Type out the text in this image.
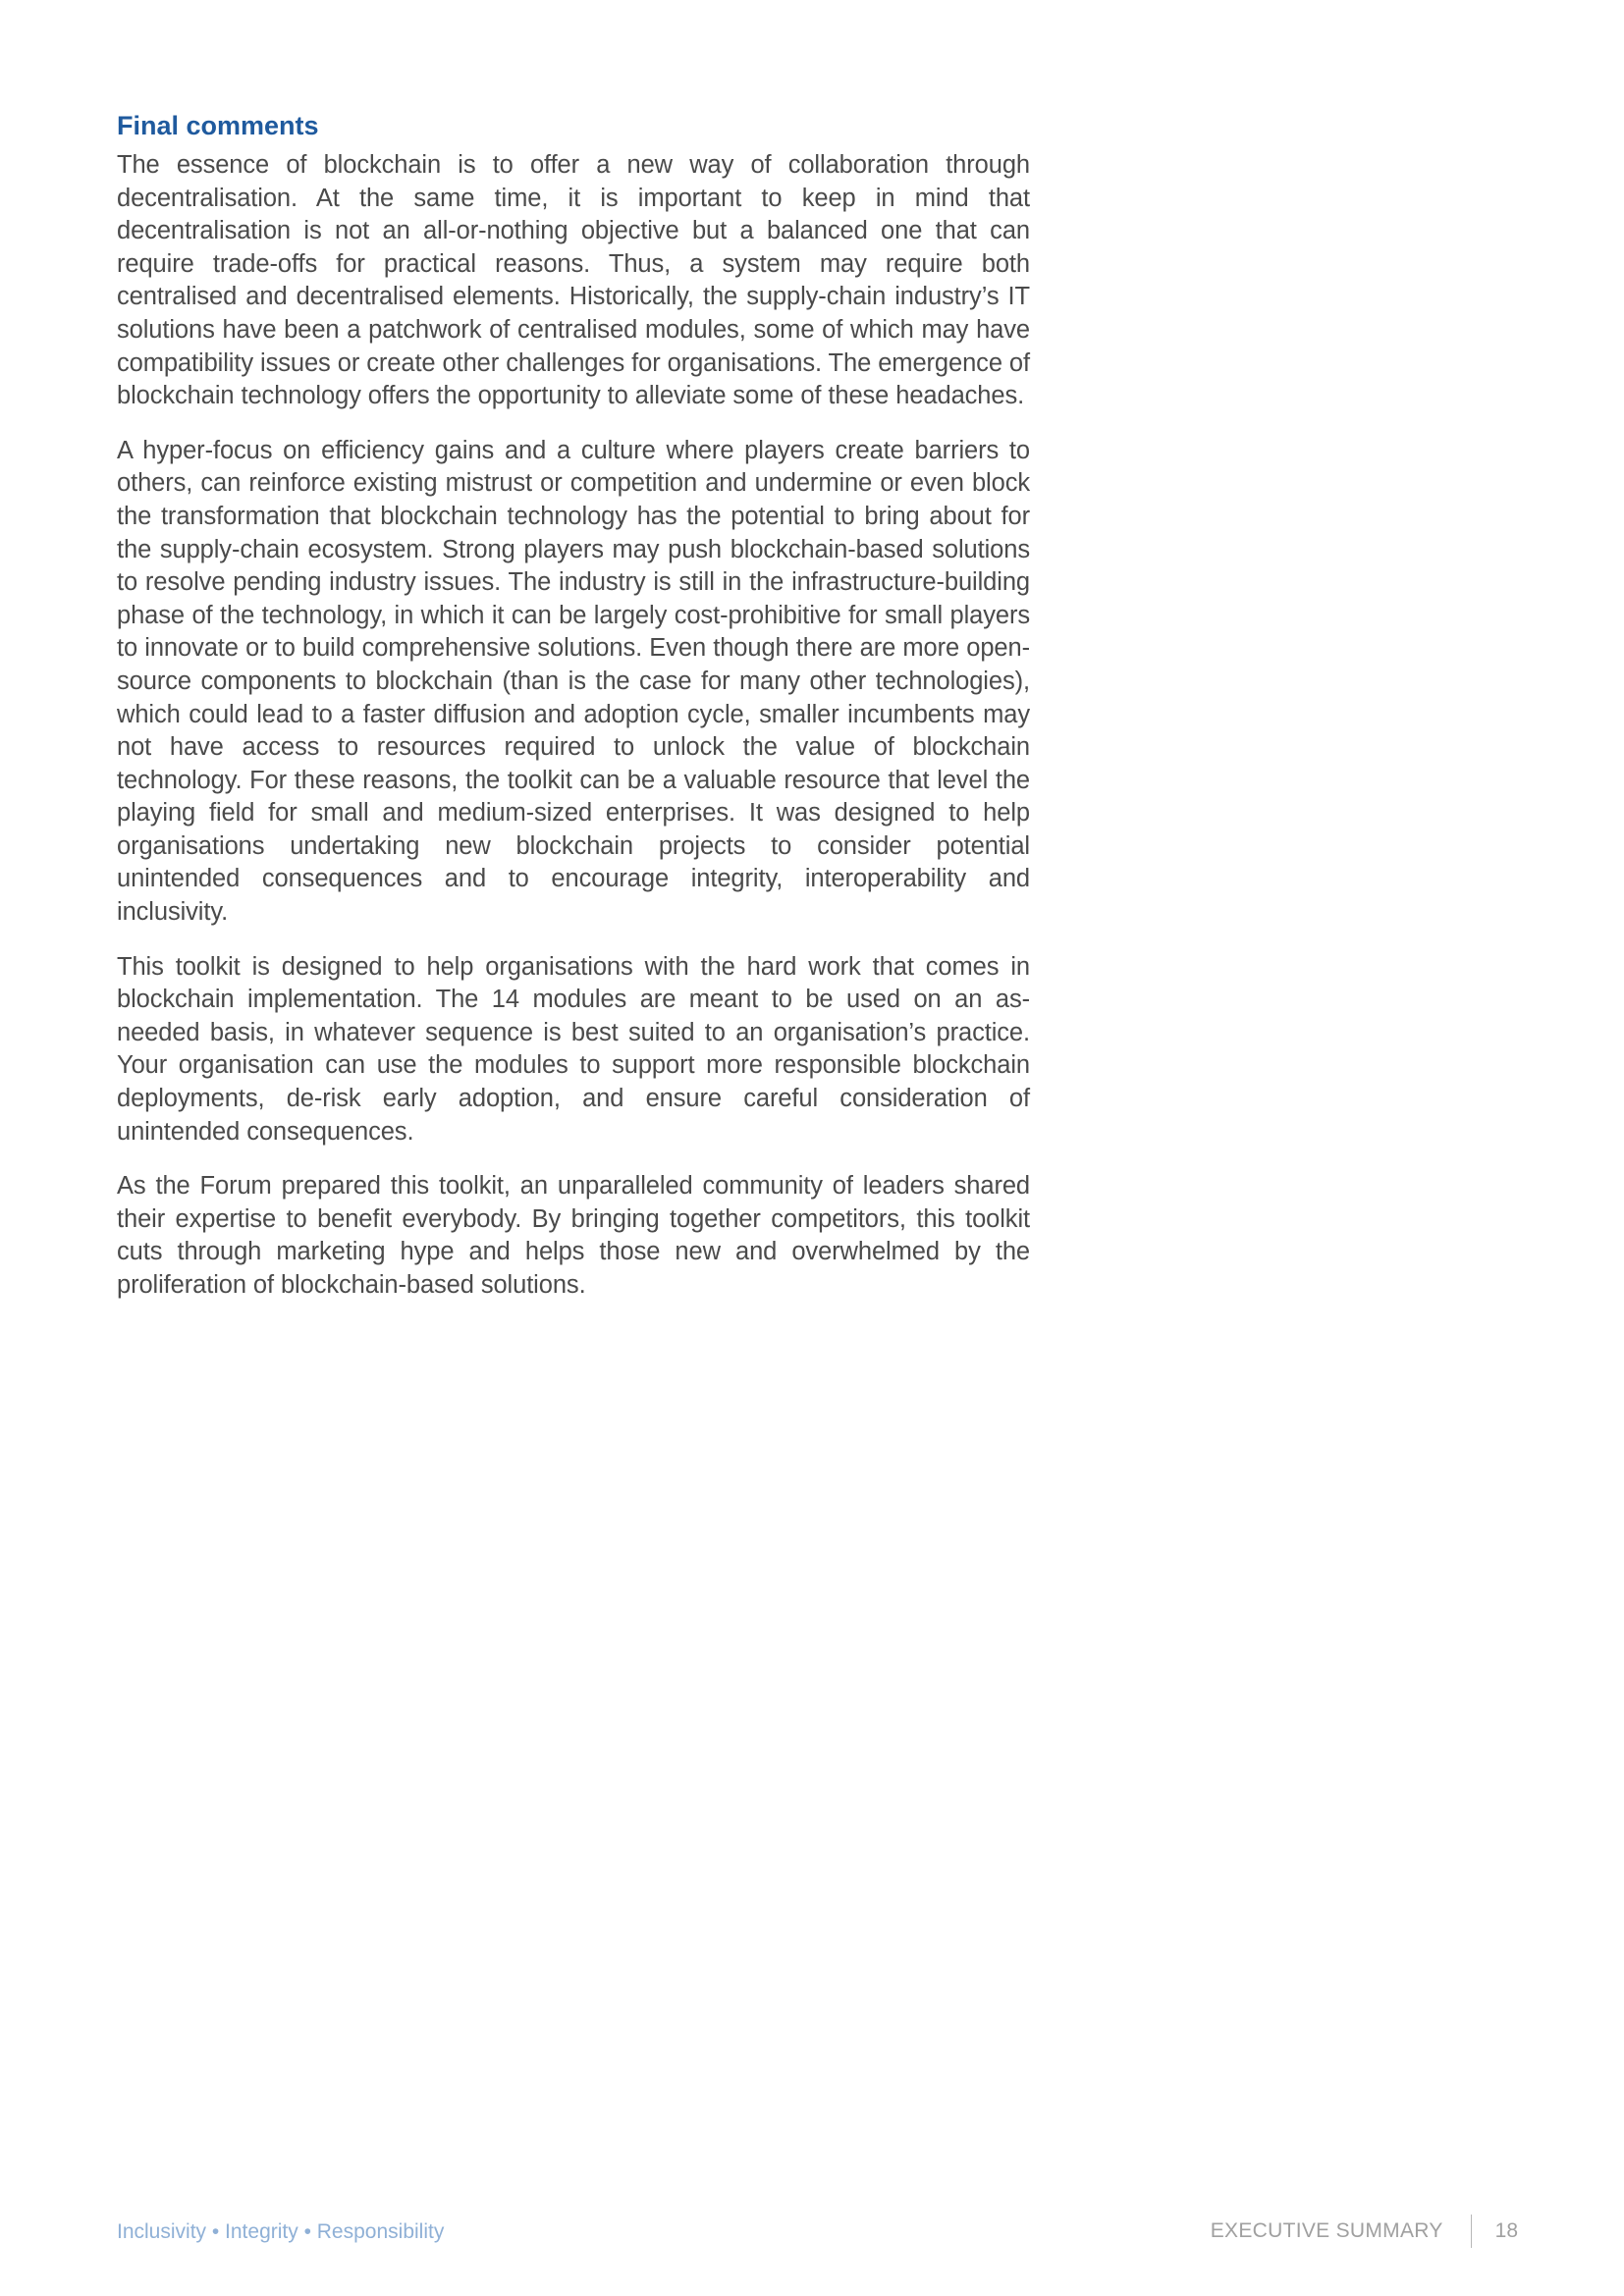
Final comments

The essence of blockchain is to offer a new way of collaboration through decentralisation. At the same time, it is important to keep in mind that decentralisation is not an all-or-nothing objective but a balanced one that can require trade-offs for practical reasons. Thus, a system may require both centralised and decentralised elements. Historically, the supply-chain industry’s IT solutions have been a patchwork of centralised modules, some of which may have compatibility issues or create other challenges for organisations. The emergence of blockchain technology offers the opportunity to alleviate some of these headaches.

A hyper-focus on efficiency gains and a culture where players create barriers to others, can reinforce existing mistrust or competition and undermine or even block the transformation that blockchain technology has the potential to bring about for the supply-chain ecosystem. Strong players may push blockchain-based solutions to resolve pending industry issues. The industry is still in the infrastructure-building phase of the technology, in which it can be largely cost-prohibitive for small players to innovate or to build comprehensive solutions. Even though there are more open-source components to blockchain (than is the case for many other technologies), which could lead to a faster diffusion and adoption cycle, smaller incumbents may not have access to resources required to unlock the value of blockchain technology. For these reasons, the toolkit can be a valuable resource that level the playing field for small and medium-sized enterprises. It was designed to help organisations undertaking new blockchain projects to consider potential unintended consequences and to encourage integrity, interoperability and inclusivity.

This toolkit is designed to help organisations with the hard work that comes in blockchain implementation. The 14 modules are meant to be used on an as-needed basis, in whatever sequence is best suited to an organisation’s practice. Your organisation can use the modules to support more responsible blockchain deployments, de-risk early adoption, and ensure careful consideration of unintended consequences.

As the Forum prepared this toolkit, an unparalleled community of leaders shared their expertise to benefit everybody. By bringing together competitors, this toolkit cuts through marketing hype and helps those new and overwhelmed by the proliferation of blockchain-based solutions.

Inclusivity • Integrity • Responsibility	EXECUTIVE SUMMARY	18
